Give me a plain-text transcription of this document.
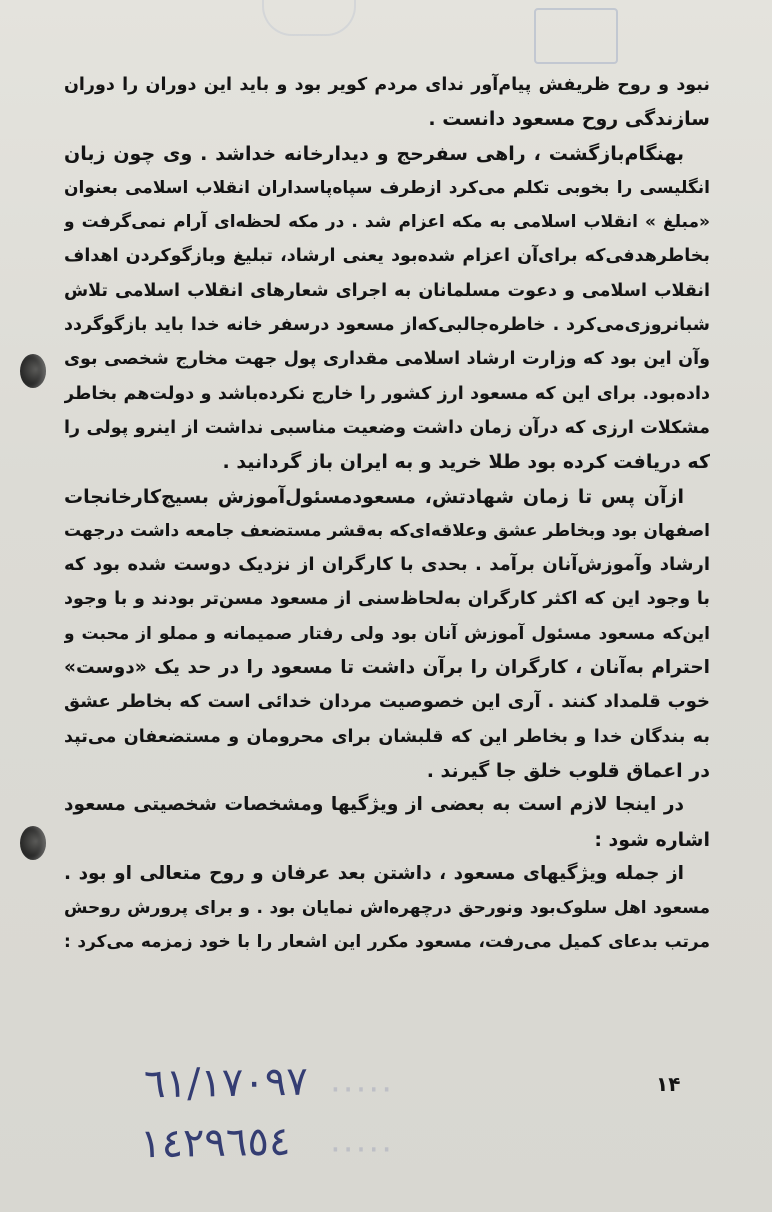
نبود و روح ظریفش پیام‌آور ندای مردم کویر بود و باید این دوران را دوران
سازندگی روح مسعود دانست .
بهنگام‌بازگشت ، راهی سفرحج و دیدارخانه خداشد . وی چون زبان
انگلیسی را بخوبی تکلم می‌کرد ازطرف سپاه‌پاسداران انقلاب اسلامی بعنوان
«مبلغ » انقلاب اسلامی به مکه اعزام شد . در مکه لحظه‌ای آرام نمی‌گرفت و
بخاطرهدفی‌که برای‌آن اعزام شده‌بود یعنی ارشاد، تبلیغ وبازگوکردن اهداف
انقلاب اسلامی و دعوت مسلمانان به اجرای شعارهای انقلاب اسلامی تلاش
شبانروزی‌می‌کرد . خاطره‌جالبی‌که‌از مسعود درسفر خانه خدا باید بازگوگردد
و‌آن این بود که وزارت ارشاد اسلامی مقداری پول جهت مخارج شخصی بوی
داده‌بود. برای این که مسعود ارز کشور را خارج نکرده‌باشد و دولت‌هم بخاطر
مشکلات ارزی که در‌آن زمان داشت وضعیت مناسبی نداشت از اینرو پولی را
که دریافت کرده بود طلا خرید و به ایران باز گردانید .
از‌آن پس تا زمان شهادتش، مسعودمسئول‌آموزش بسیج‌کارخانجات
اصفهان بود وبخاطر عشق وعلاقه‌ای‌که به‌قشر مستضعف جامعه داشت درجهت
ارشاد و‌آموزش‌آنان برآمد . بحدی با کارگران از نزدیک دوست شده بود که
با وجود این که اکثر کارگران به‌لحاظ‌سنی از مسعود مسن‌تر بودند و با وجود
این‌که مسعود مسئول آموزش آنان بود ولی رفتار صمیمانه و مملو از محبت و
احترام به‌آنان ، کارگران را برآن داشت تا مسعود را در حد یک «دوست»
خوب قلمداد کنند . آری این خصوصیت مردان خدائی است که بخاطر عشق
به بندگان خدا و بخاطر این که قلبشان برای محرومان و مستضعفان می‌تپد
در اعماق قلوب خلق جا گیرند .
در اینجا لازم است به بعضی از ویژگیها ومشخصات شخصیتی مسعود
اشاره شود :
از جمله ویژگیهای مسعود ، داشتن بعد عرفان و روح متعالی او بود .
مسعود اهل سلوک‌بود ونورحق درچهره‌اش نمایان بود . و برای پرورش روحش
مرتب بدعای کمیل می‌رفت، مسعود مکرر این اشعار را با خود زمزمه می‌کرد :
۱۴
·····
·····
٦١/١٧٠٩٧
١٤٢٩٦٥٤
